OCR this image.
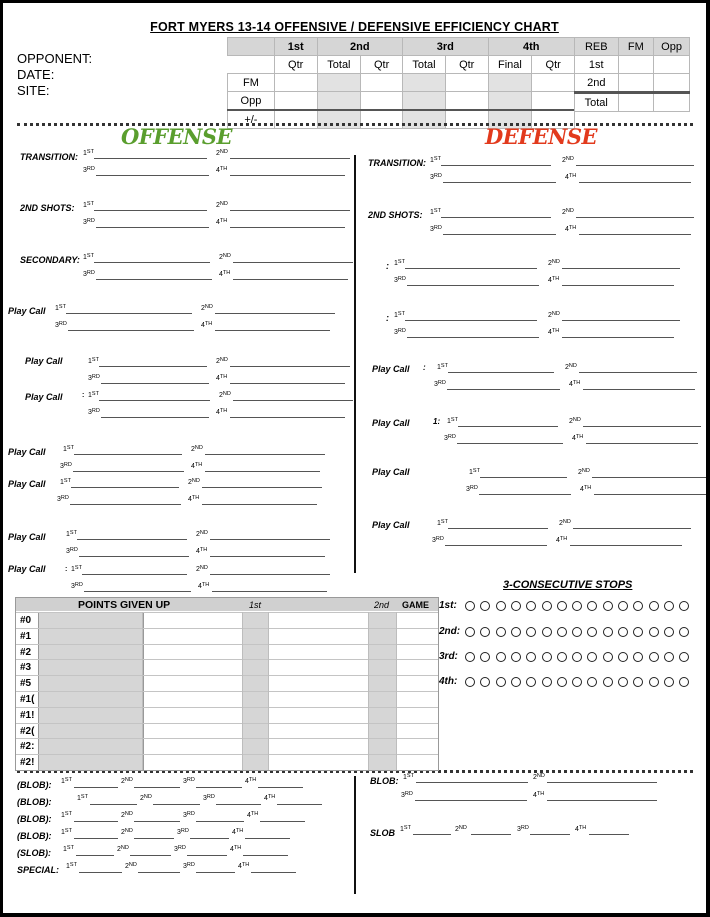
FORT MYERS 13-14 OFFENSIVE / DEFENSIVE EFFICIENCY CHART
OPPONENT:
DATE:
SITE:
	1st	2nd		3rd		4th	
	Qtr	Total	Qtr	Total	Qtr	Final	Qtr
FM							
Opp							
+/-							
REB	FM	Opp
1st		
2nd		
Total		
OFFENSE	DEFENSE
TRANSITION: 1ST	2ND
3RD	4TH
2ND SHOTS: 1ST	2ND
3RD	4TH
SECONDARY: 1ST	2ND
3RD	4TH
Play Call 1ST	2ND
3RD	4TH
Play Call	1ST	2ND
3RD	4TH
Play Call	: 1ST	2ND
3RD	4TH
Play Call 1ST	2ND
3RD	4TH
Play Call 1ST	2ND
3RD	4TH
Play Call	1ST	2ND
3RD	4TH
Play Call	: 1ST	2ND
3RD	4TH
TRANSITION: 1ST	2ND
3RD	4TH
2ND SHOTS: 1ST	2ND
3RD	4TH
: 1ST	2ND
3RD	4TH
: 1ST	2ND
3RD	4TH
Play Call : 1ST	2ND
3RD	4TH
Play Call	1: 1ST	2ND
3RD	4TH
Play Call	1ST	2ND
3RD	4TH
Play Call	1ST	2ND
3RD	4TH
3-CONSECUTIVE STOPS
1st:
2nd:
3rd:
4th:
POINTS GIVEN UP	1st	2nd GAME
#0
#1
#2
#3
#5
#1(
#1!
#2(
#2:
#2!
(BLOB): 1ST	2ND	3RD	4TH
(BLOB):	1ST	2ND	3RD	4TH
(BLOB): 1ST	2ND	3RD	4TH
(BLOB): 1ST	2ND	3RD	4TH
(SLOB): 1ST	2ND	3RD	4TH
SPECIAL: 1ST	2ND	3RD	4TH
BLOB: 1ST	2ND
3RD	4TH
SLOB 1ST	2ND	3RD	4TH
